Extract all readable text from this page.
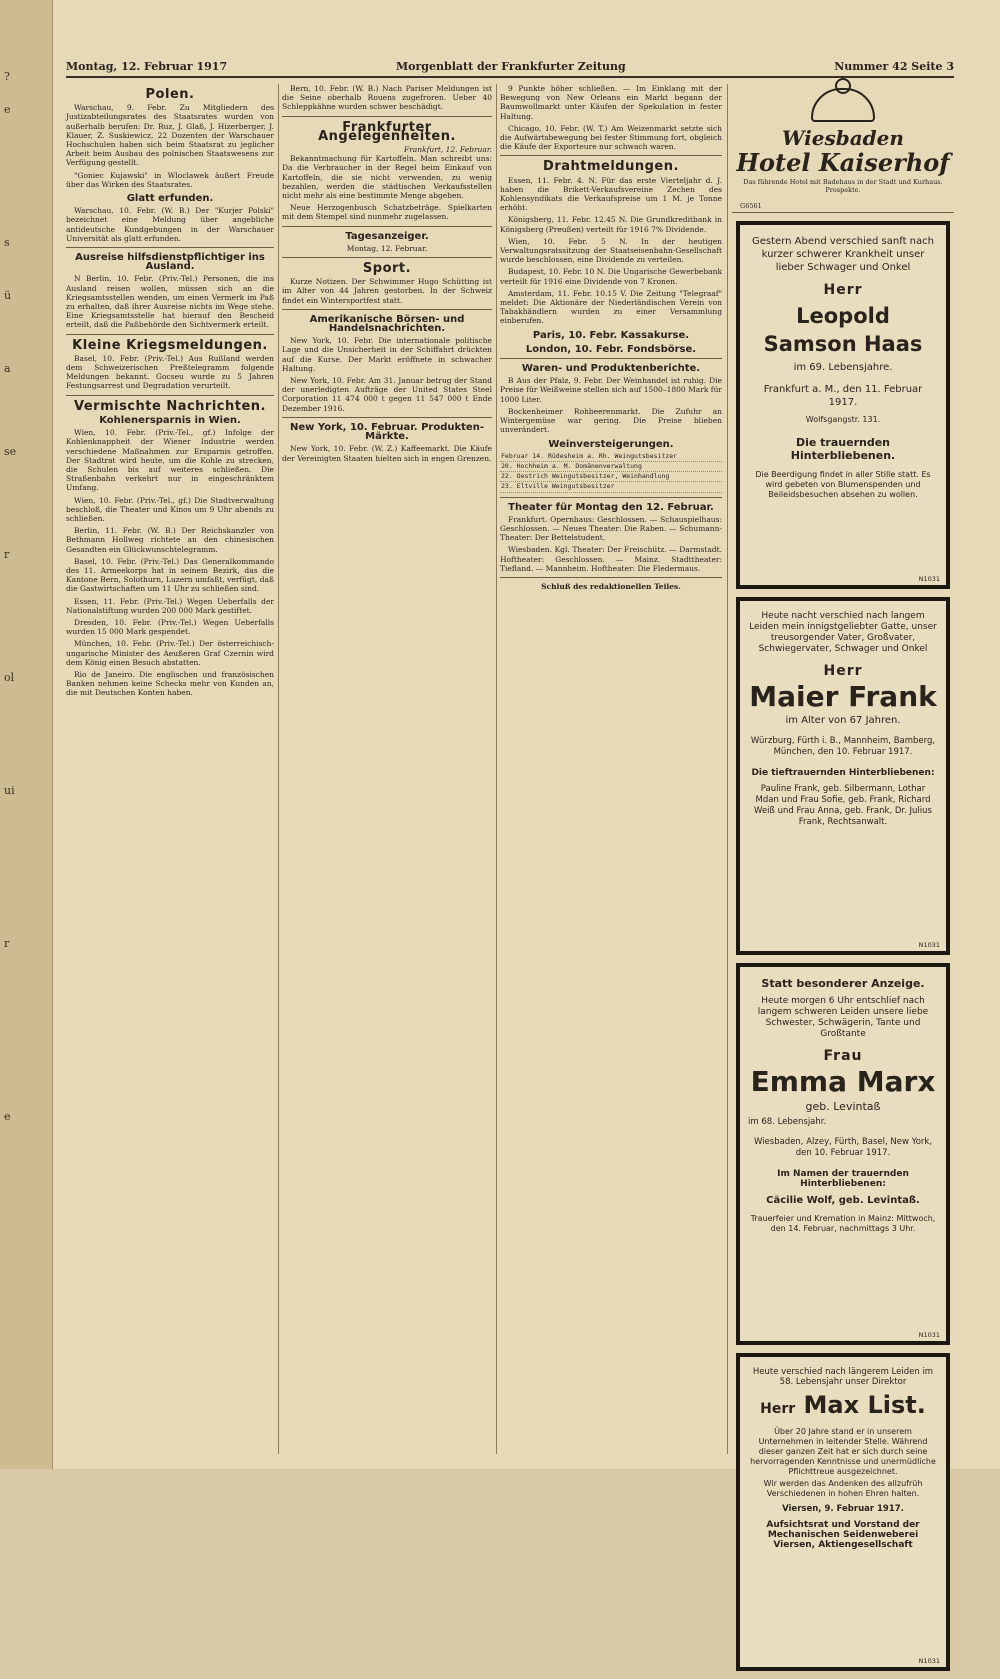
?
e
s
ü
a
se
r
ol
ui
r
e
Montag, 12. Februar 1917	Morgenblatt der Frankfurter Zeitung	Nummer 42 Seite 3
Polen.

Warschau, 9. Febr. Zu Mitgliedern des Justizabteilungsrates des Staatsrates wurden von außerhalb berufen: Dr. Ruz, J. Glaß, J. Hizerberger, J. Klauer, Z. Suskiewicz, 22 Dozenten der Warschauer Hochschulen haben sich beim Staatsrat zu jeglicher Arbeit beim Ausbau des polnischen Staatswesens zur Verfügung gestellt.

"Goniec Kujawski" in Wloclawek äußert Freude über das Wirken des Staatsrates.

Glatt erfunden.

Warschau, 10. Febr. (W. B.) Der "Kurjer Polski" bezeichnet eine Meldung über angebliche antideutsche Kundgebungen in der Warschauer Universität als glatt erfunden.

Ausreise hilfsdienstpflichtiger ins Ausland.

N Berlin, 10. Febr. (Priv.-Tel.) Personen, die ins Ausland reisen wollen, müssen sich an die Kriegsamtsstellen wenden, um einen Vermerk im Paß zu erhalten, daß ihrer Ausreise nichts im Wege stehe. Eine Kriegsamtsstelle hat hierauf den Bescheid erteilt, daß die Paßbehörde den Sichtvermerk erteilt.

Kleine Kriegsmeldungen.

Basel, 10. Febr. (Priv.-Tel.) Aus Rußland werden dem Schweizerischen Preßtelegramm folgende Meldungen bekannt. Gocseu wurde zu 5 Jahren Festungsarrest und Degradation verurteilt.

Vermischte Nachrichten.
Kohlenersparnis in Wien.

Wien, 10. Febr. (Priv.-Tel., gf.) Infolge der Kohlenknappheit der Wiener Industrie werden verschiedene Maßnahmen zur Ersparnis getroffen. Der Stadtrat wird heute, um die Kohle zu strecken, die Schulen bis auf weiteres schließen. Die Straßenbahn verkehrt nur in eingeschränktem Umfang.

Wien, 10. Febr. (Priv.-Tel., gf.) Die Stadtverwaltung beschloß, die Theater und Kinos um 9 Uhr abends zu schließen.

Berlin, 11. Febr. (W. B.) Der Reichskanzler von Bethmann Hollweg richtete an den chinesischen Gesandten ein Glückwunschtelegramm.

Basel, 10. Febr. (Priv.-Tel.) Das Generalkommando des 11. Armeekorps hat in seinem Bezirk, das die Kantone Bern, Solothurn, Luzern umfaßt, verfügt, daß die Gastwirtschaften um 11 Uhr zu schließen sind.

Essen, 11. Febr. (Priv.-Tel.) Wegen Ueberfalls der Nationalstiftung wurden 200 000 Mark gestiftet.

Dresden, 10. Febr. (Priv.-Tel.) Wegen Ueberfalls wurden 15 000 Mark gespendet.

München, 10. Febr. (Priv.-Tel.) Der österreichisch-ungarische Minister des Aeußeren Graf Czernin wird dem König einen Besuch abstatten.

Rio de Janeiro. Die englischen und französischen Banken nehmen keine Schecks mehr von Kunden an, die mit Deutschen Konten haben.

Bern, 10. Febr. (W. B.) Nach Pariser Meldungen ist die Seine oberhalb Rouens zugefroren. Ueber 40 Schleppkähne wurden schwer beschädigt.

Frankfurter Angelegenheiten.
Frankfurt, 12. Februar.

Bekanntmachung für Kartoffeln. Man schreibt uns: Da die Verbraucher in der Regel beim Einkauf von Kartoffeln, die sie nicht verwenden, zu wenig bezahlen, werden die städtischen Verkaufsstellen nicht mehr als eine bestimmte Menge abgeben.

Neue Herzogenbusch Schatzbeträge. Spielkarten mit dem Stempel sind nunmehr zugelassen.

Tagesanzeiger.
Montag, 12. Februar.
Sport.

Kurze Notizen. Der Schwimmer Hugo Schütting ist im Alter von 44 Jahren gestorben. In der Schweiz findet ein Wintersportfest statt.

Amerikanische Börsen- und Handelsnachrichten.

New York, 10. Febr. Die internationale politische Lage und die Unsicherheit in der Schiffahrt drückten auf die Kurse. Der Markt eröffnete in schwacher Haltung.

New York, 10. Febr. Am 31. Januar betrug der Stand der unerledigten Aufträge der United States Steel Corporation 11 474 000 t gegen 11 547 000 t Ende Dezember 1916.

New York, 10. Februar. Produkten-Märkte.

New York, 10. Febr. (W. Z.) Kaffeemarkt. Die Käufe der Vereinigten Staaten hielten sich in engen Grenzen.

9 Punkte höher schließen. — Im Einklang mit der Bewegung von New Orleans ein Markt begann der Baumwollmarkt unter Käufen der Spekulation in fester Haltung.

Chicago, 10. Febr. (W. T.) Am Weizenmarkt setzte sich die Aufwärtsbewegung bei fester Stimmung fort, obgleich die Käufe der Exporteure nur schwach waren.

Drahtmeldungen.

Essen, 11. Febr. 4. N. Für das erste Vierteljahr d. J. haben die Brikett-Verkaufsvereine Zechen des Kohlensyndikats die Verkaufspreise um 1 M. je Tonne erhöht.

Königsberg, 11. Febr. 12.45 N. Die Grundkreditbank in Königsberg (Preußen) verteilt für 1916 7% Dividende.

Wien, 10. Febr. 5 N. In der heutigen Verwaltungsratssitzung der Staatseisenbahn-Gesellschaft wurde beschlossen, eine Dividende zu verteilen.

Budapest, 10. Febr. 10 N. Die Ungarische Gewerbebank verteilt für 1916 eine Dividende von 7 Kronen.

Amsterdam, 11. Febr. 10.15 V. Die Zeitung "Telegraaf" meldet: Die Aktionäre der Niederländischen Verein von Tabakhändlern wurden zu einer Versammlung einberufen.

Paris, 10. Febr. Kassakurse.
London, 10. Febr. Fondsbörse.
Waren- und Produktenberichte.

B Aus der Pfalz, 9. Febr. Der Weinhandel ist ruhig. Die Preise für Weißweine stellen sich auf 1500–1800 Mark für 1000 Liter.

Bockenheimer Rohbeerenmarkt. Die Zufuhr an Wintergemüse war gering. Die Preise blieben unverändert.

Weinversteigerungen.
Februar 14. Rüdesheim a. Rh. Weingutsbesitzer
20. Hochheim a. M. Domänenverwaltung
22. Oestrich Weingutsbesitzer, Weinhandlung
23. Eltville Weingutsbesitzer
Theater für Montag den 12. Februar.

Frankfurt. Opernhaus: Geschlossen. — Schauspielhaus: Geschlossen. — Neues Theater: Die Raben. — Schumann-Theater: Der Bettelstudent.

Wiesbaden. Kgl. Theater: Der Freischütz. — Darmstadt. Hoftheater: Geschlossen. — Mainz. Stadttheater: Tiefland. — Mannheim. Hoftheater: Die Fledermaus.

Schluß des redaktionellen Teiles.
Wiesbaden
Hotel Kaiserhof
Das führende Hotel mit Badehaus in der Stadt und Kurhaus. Prospekte.
G6561
Gestern Abend verschied sanft nach kurzer schwerer Krankheit unser lieber Schwager und Onkel
Herr
Leopold Samson Haas
im 69. Lebensjahre.
Frankfurt a. M., den 11. Februar 1917.
Wolfsgangstr. 131.
Die trauernden Hinterbliebenen.
Die Beerdigung findet in aller Stille statt. Es wird gebeten von Blumenspenden und Beileidsbesuchen absehen zu wollen.
N1031
Heute nacht verschied nach langem Leiden mein innigstgeliebter Gatte, unser treusorgender Vater, Großvater, Schwiegervater, Schwager und Onkel
Herr
Maier Frank
im Alter von 67 Jahren.
Würzburg, Fürth i. B., Mannheim, Bamberg, München, den 10. Februar 1917.
Die tieftrauernden Hinterbliebenen:
Pauline Frank, geb. Silbermann, Lothar Mdan und Frau Sofie, geb. Frank, Richard Weiß und Frau Anna, geb. Frank, Dr. Julius Frank, Rechtsanwalt.
N1031
Statt besonderer Anzeige.
Heute morgen 6 Uhr entschlief nach langem schweren Leiden unsere liebe Schwester, Schwägerin, Tante und Großtante
Frau
Emma Marx
geb. Levintaß
im 68. Lebensjahr.
Wiesbaden, Alzey, Fürth, Basel, New York, den 10. Februar 1917.
Im Namen der trauernden Hinterbliebenen:
Cäcilie Wolf, geb. Levintaß.
Trauerfeier und Kremation in Mainz: Mittwoch, den 14. Februar, nachmittags 3 Uhr.
N1031
Heute verschied nach längerem Leiden im 58. Lebensjahr unser Direktor
Herr Max List.
Über 20 Jahre stand er in unserem Unternehmen in leitender Stelle. Während dieser ganzen Zeit hat er sich durch seine hervorragenden Kenntnisse und unermüdliche Pflichttreue ausgezeichnet.
Wir werden das Andenken des allzufrüh Verschiedenen in hohen Ehren halten.
Viersen, 9. Februar 1917.
Aufsichtsrat und Vorstand der Mechanischen Seidenweberei Viersen, Aktiengesellschaft
N1031
